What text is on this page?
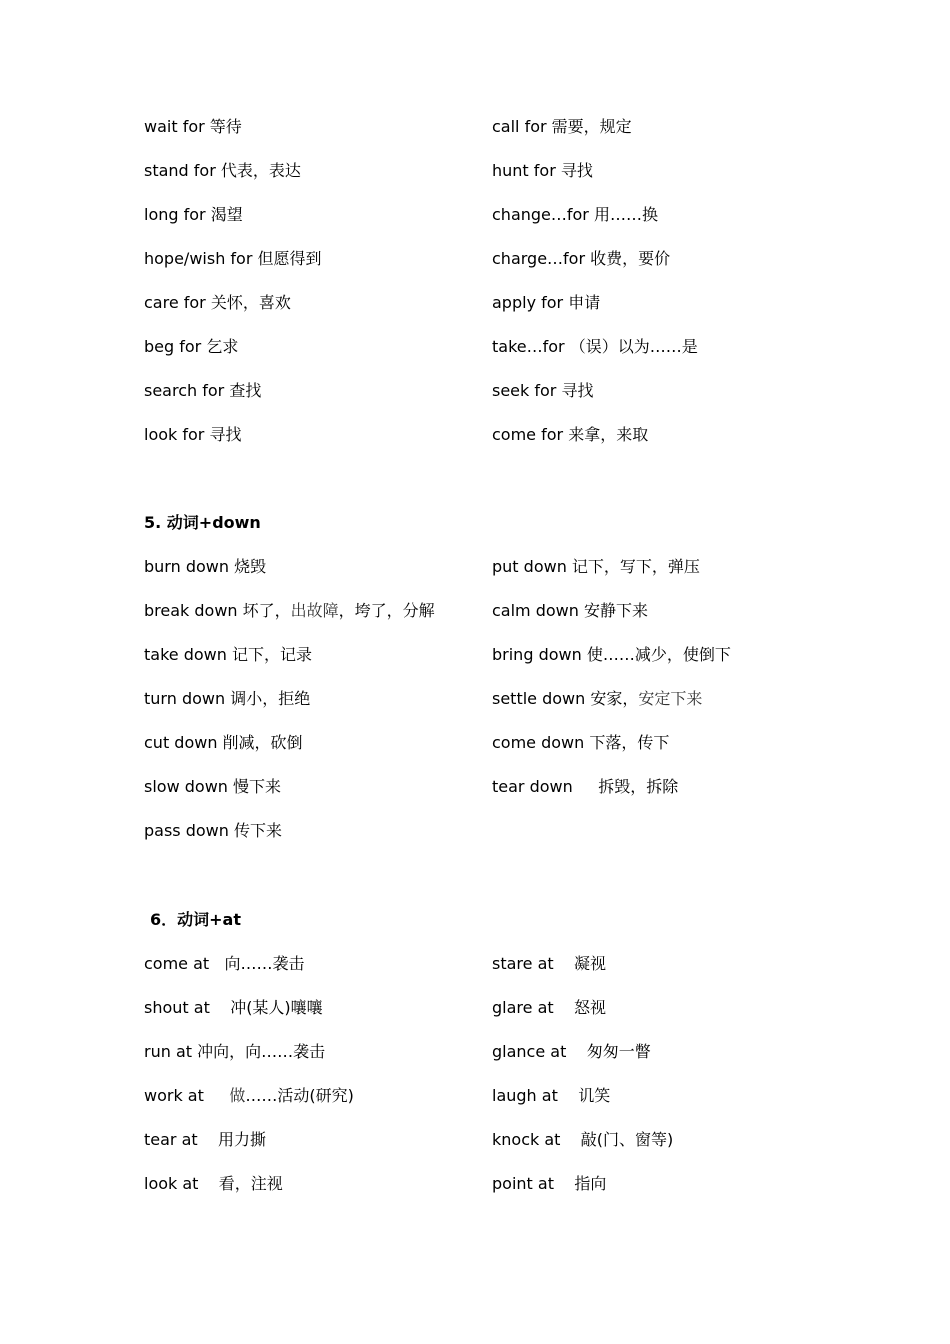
wait for 等待
stand for 代表，表达
long for 渴望
hope/wish for 但愿得到
care for 关怀，喜欢
beg for 乞求
search for 查找
look for 寻找
call for 需要，规定
hunt for 寻找
change…for 用……换
charge…for 收费，要价
apply for 申请
take…for （误）以为……是
seek for 寻找
come for 来拿，来取
5. 动词+down
burn down 烧毁
break down 坏了，出故障，垮了，分解
take down 记下，记录
turn down 调小，拒绝
cut down 削减，砍倒
slow down 慢下来
pass down 传下来
put down 记下，写下，弹压
calm down 安静下来
bring down 使……减少，使倒下
settle down 安家，安定下来
come down 下落，传下
tear down     拆毁，拆除
6．动词+at
come at   向……袭击
shout at    冲(某人)嚷嚷
run at 冲向，向……袭击
work at     做……活动(研究)
tear at    用力撕
look at    看，注视
stare at    凝视
glare at    怒视
glance at    匆匆一瞥
laugh at    讥笑
knock at    敲(门、窗等)
point at    指向
